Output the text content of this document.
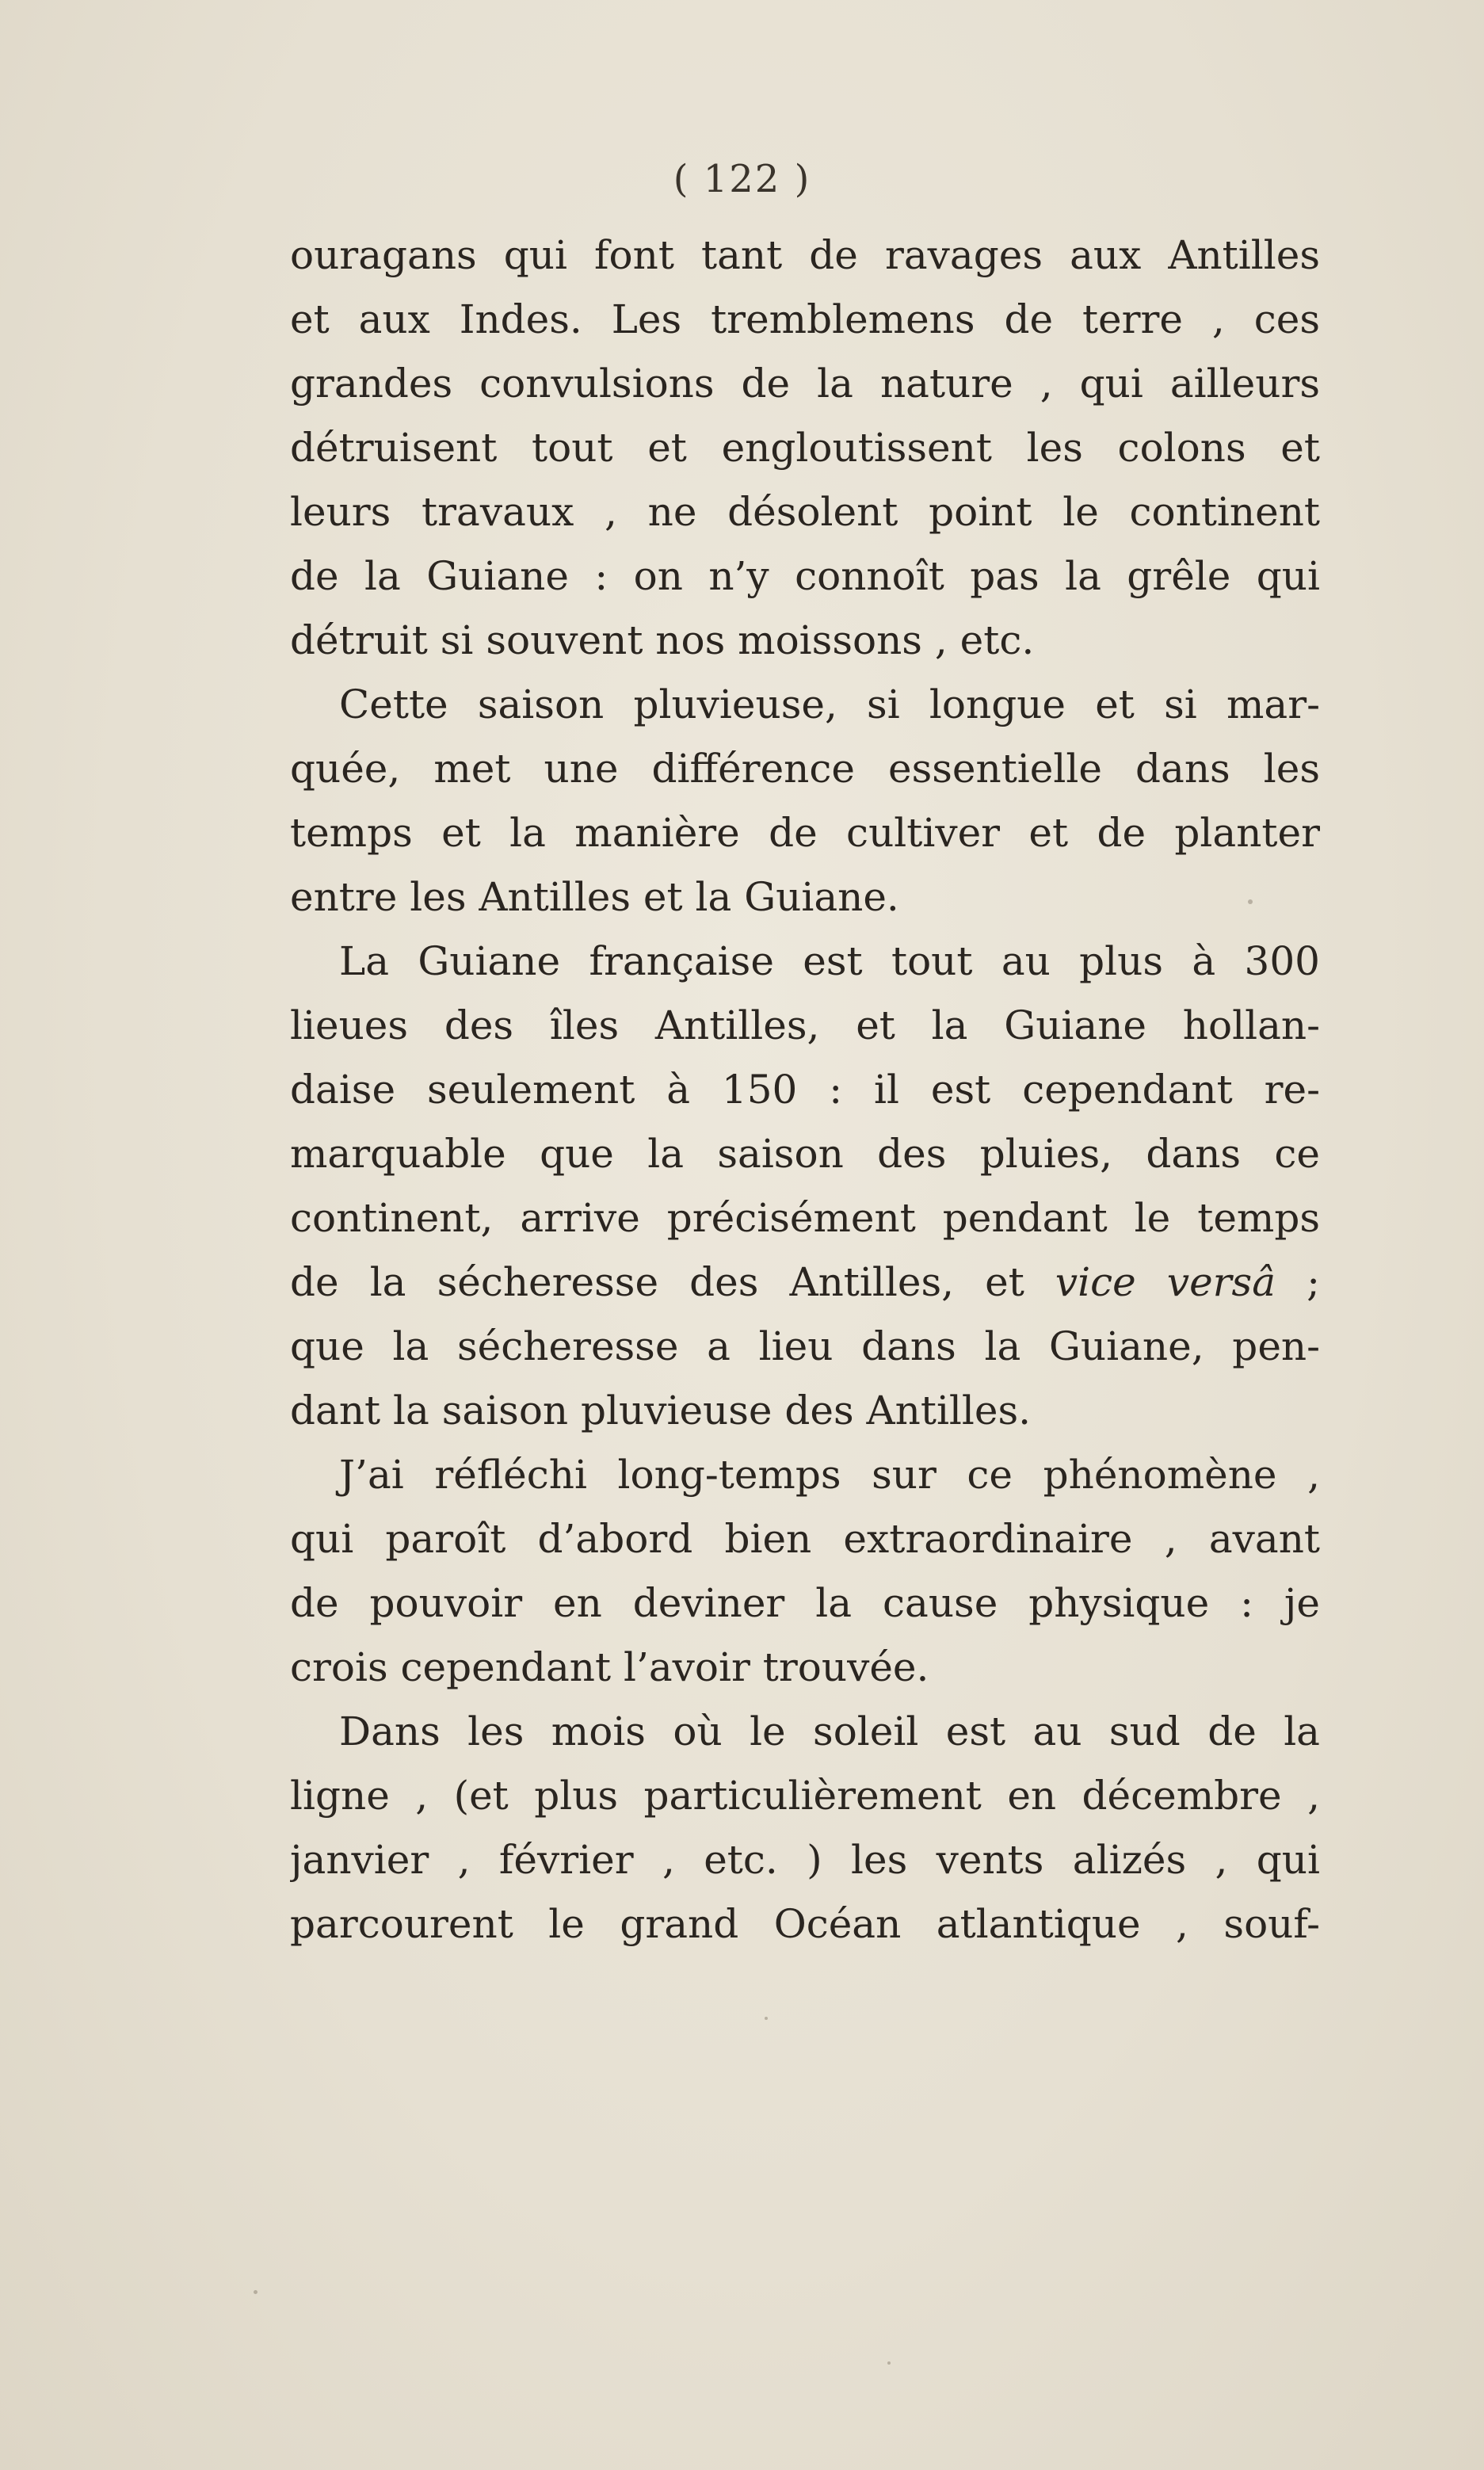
( 122 )
ouragans qui font tant de ravages aux Antilles
et aux Indes. Les tremblemens de terre , ces
grandes convulsions de la nature , qui ailleurs
détruisent tout et engloutissent les colons et
leurs travaux , ne désolent point le continent
de la Guiane : on n’y connoît pas la grêle qui
détruit si souvent nos moissons , etc.
Cette saison pluvieuse, si longue et si mar-
quée, met une différence essentielle dans les
temps et la manière de cultiver et de planter
entre les Antilles et la Guiane.
La Guiane française est tout au plus à 300
lieues des îles Antilles, et la Guiane hollan-
daise seulement à 150 : il est cependant re-
marquable que la saison des pluies, dans ce
continent, arrive précisément pendant le temps
de la sécheresse des Antilles, et vice versâ ;
que la sécheresse a lieu dans la Guiane, pen-
dant la saison pluvieuse des Antilles.
J’ai réfléchi long-temps sur ce phénomène ,
qui paroît d’abord bien extraordinaire , avant
de pouvoir en deviner la cause physique : je
crois cependant l’avoir trouvée.
Dans les mois où le soleil est au sud de la
ligne , (et plus particulièrement en décembre ,
janvier , février , etc. ) les vents alizés , qui
parcourent le grand Océan atlantique , souf-
